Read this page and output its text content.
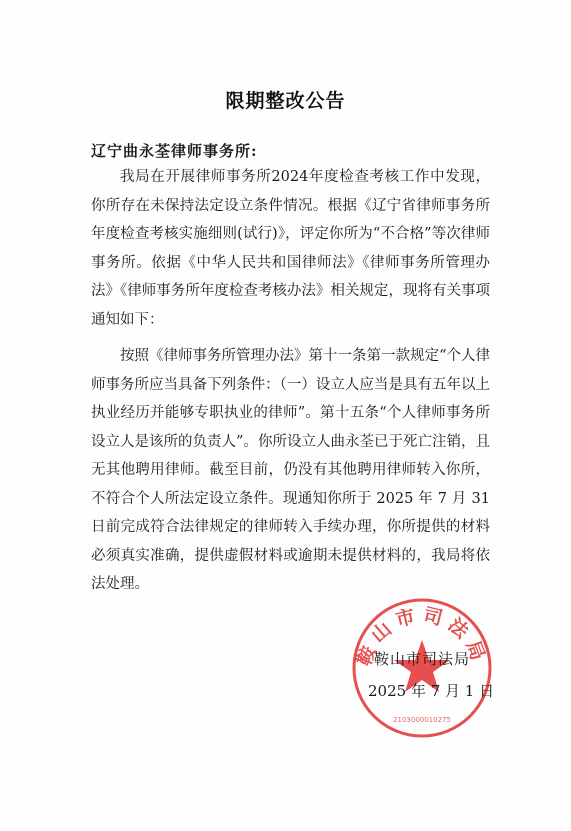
限期整改公告
辽宁曲永荃律师事务所:
我局在开展律师事务所2024年度检查考核工作中发现，你所存在未保持法定设立条件情况。根据《辽宁省律师事务所年度检查考核实施细则(试行)》，评定你所为“不合格”等次律师事务所。依据《中华人民共和国律师法》《律师事务所管理办法》《律师事务所年度检查考核办法》相关规定，现将有关事项通知如下：
按照《律师事务所管理办法》第十一条第一款规定“个人律师事务所应当具备下列条件：（一）设立人应当是具有五年以上执业经历并能够专职执业的律师”。第十五条“个人律师事务所设立人是该所的负责人”。你所设立人曲永荃已于死亡注销，且无其他聘用律师。截至目前，仍没有其他聘用律师转入你所，不符合个人所法定设立条件。现通知你所于 2025 年 7 月 31 日前完成符合法律规定的律师转入手续办理，你所提供的材料必须真实准确，提供虚假材料或逾期未提供材料的，我局将依法处理。
鞍山市司法局
2103000010275
鞍山市司法局
2025 年 7 月 1 日
